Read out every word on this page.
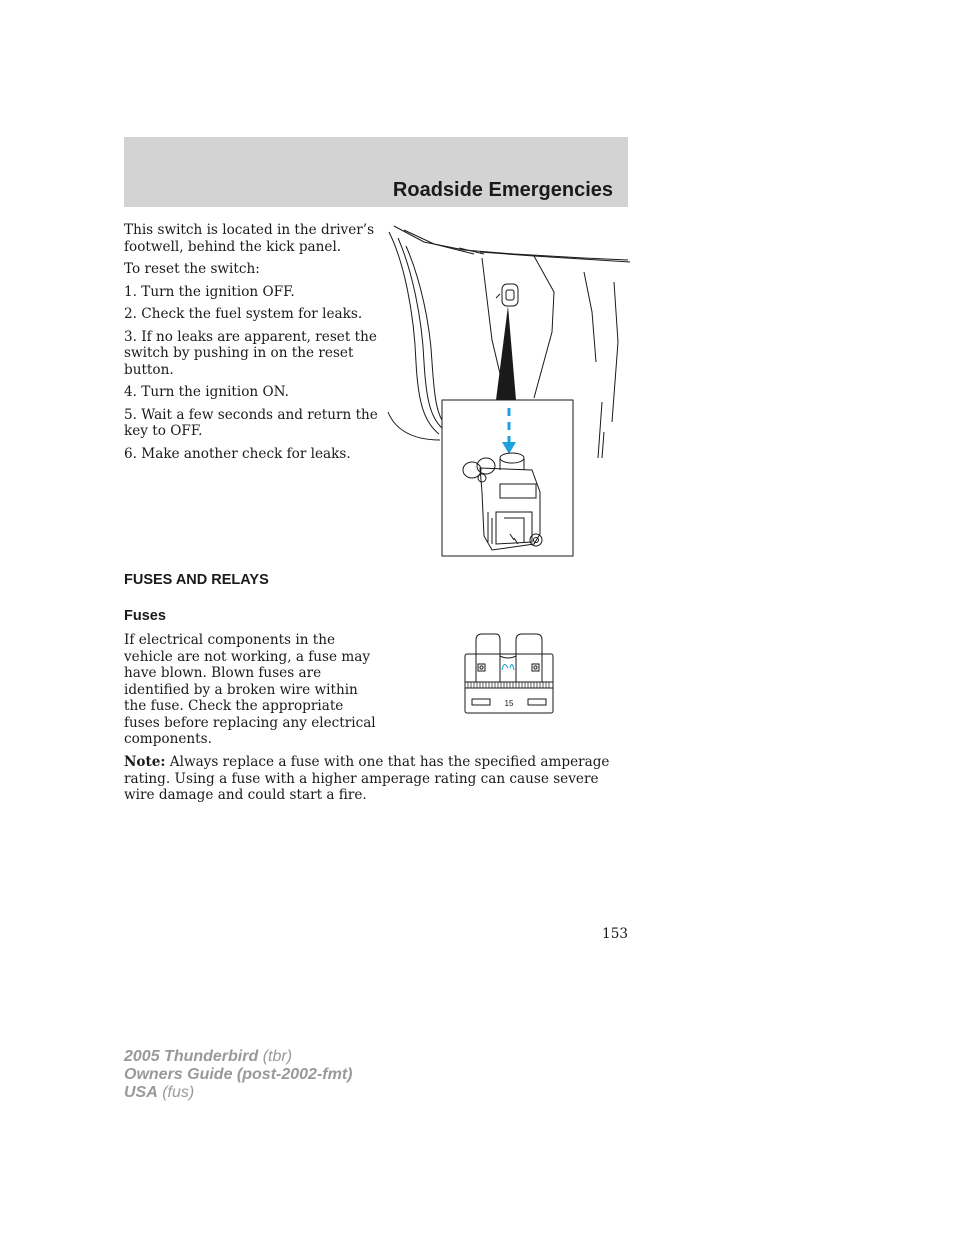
Roadside Emergencies

This switch is located in the driver’s footwell, behind the kick panel.

To reset the switch:

1. Turn the ignition OFF.

2. Check the fuel system for leaks.

3. If no leaks are apparent, reset the switch by pushing in on the reset button.

4. Turn the ignition ON.

5. Wait a few seconds and return the key to OFF.

6. Make another check for leaks.

FUSES AND RELAYS
Fuses

If electrical components in the vehicle are not working, a fuse may have blown. Blown fuses are identified by a broken wire within the fuse. Check the appropriate fuses before replacing any electrical components.

15

Note: Always replace a fuse with one that has the specified amperage rating. Using a fuse with a higher amperage rating can cause severe wire damage and could start a fire.

153
2005 Thunderbird (tbr)
Owners Guide (post-2002-fmt)
USA (fus)
